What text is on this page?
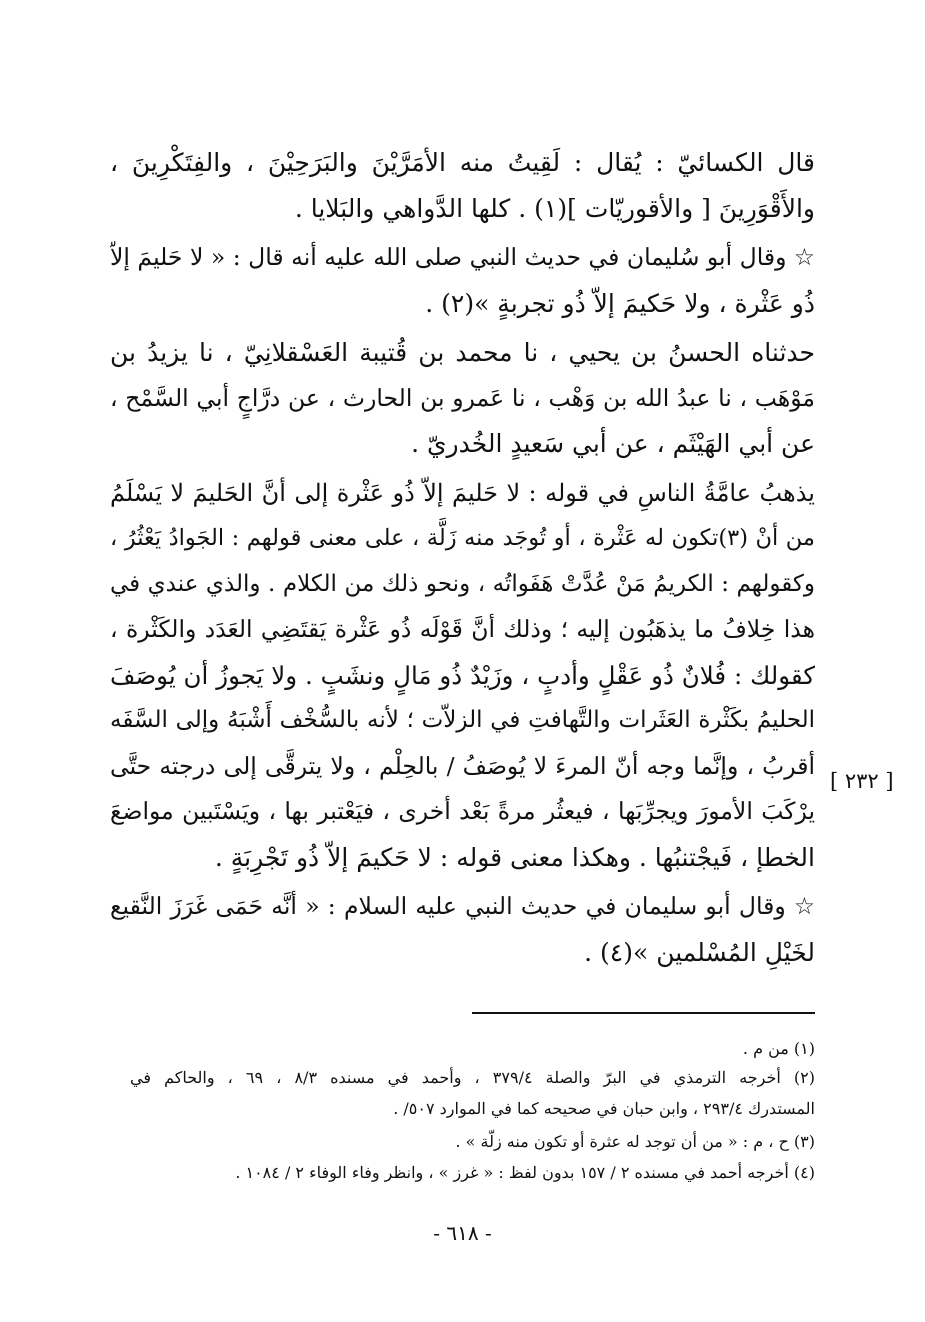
قال الكسائيّ : يُقال : لَقِيتُ منه الأمَرَّيْنَ والبَرَحِيْنَ ، والفِتَكْرِينَ ،
والأَقْوَرِينَ [ والأقوريّات ](١) . كلها الدَّواهي والبَلايا .
☆ وقال أبو سُليمان في حديث النبي صلى الله عليه أنه قال : « لا حَليمَ إلاّ
ذُو عَثْرة ، ولا حَكيمَ إلاّ ذُو تجربةٍ »(٢) .
حدثناه الحسنُ بن يحيي ، نا محمد بن قُتيبة العَسْقلانِيّ ، نا يزيدُ بن
مَوْهَب ، نا عبدُ الله بن وَهْب ، نا عَمرو بن الحارث ، عن درَّاجٍ أبي السَّمْح ،
عن أبي الهَيْثَم ، عن أبي سَعيدٍ الخُدريّ .
يذهبُ عامَّةُ الناسِ في قوله : لا حَليمَ إلاّ ذُو عَثْرة إلى أنَّ الحَليمَ لا يَسْلَمُ
من أنْ (٣)تكون له عَثْرة ، أو تُوجَد منه زَلَّة ، على معنى قولهم : الجَوادُ يَعْثُرُ ،
وكقولهم : الكريمُ مَنْ عُدَّتْ هَفَواتُه ، ونحو ذلك من الكلام . والذي عندي في
هذا خِلافُ ما يذهَبُون إليه ؛ وذلك أنَّ قَوْلَه ذُو عَثْرة يَقتَضِي العَدَد والكَثْرة ،
كقولك : فُلانٌ ذُو عَقْلٍ وأدبٍ ، وزَيْدٌ ذُو مَالٍ ونشَبٍ . ولا يَجوزُ أن يُوصَفَ
الحليمُ بكَثْرة العَثَرات والتَّهافتِ في الزلاّت ؛ لأنه بالسُّخْف أَشْبَهُ وإلى السَّفَه
أقربُ ، وإنَّما وجه أنّ المرءَ لا يُوصَفُ / بالحِلْم ، ولا يترقَّى إلى درجته حتَّى
يرْكَبَ الأمورَ ويجرِّبَها ، فيعثُر مرةً بَعْد أخرى ، فيَعْتبر بها ، ويَسْتَبين مواضعَ
الخطإ ، فَيجْتنبُها . وهكذا معنى قوله : لا حَكيمَ إلاّ ذُو تَجْرِبَةٍ .
☆ وقال أبو سليمان في حديث النبي عليه السلام : « أنَّه حَمَى غَرَزَ النَّقيع
لخَيْلِ المُسْلمين »(٤) .
[ ٢٣٢ ]
(١) من م .
(٢) أخرجه الترمذي في البرّ والصلة ٣٧٩/٤ ، وأحمد في مسنده ٨/٣ ، ٦٩ ، والحاكم في
المستدرك ٢٩٣/٤ ، وابن حبان في صحيحه كما في الموارد ٥٠٧/ .
(٣) ح ، م : « من أن توجد له عثرة أو تكون منه زلّة » .
(٤) أخرجه أحمد في مسنده ٢ / ١٥٧ بدون لفظ : « غرز » ، وانظر وفاء الوفاء ٢ / ١٠٨٤ .
- ٦١٨ -
